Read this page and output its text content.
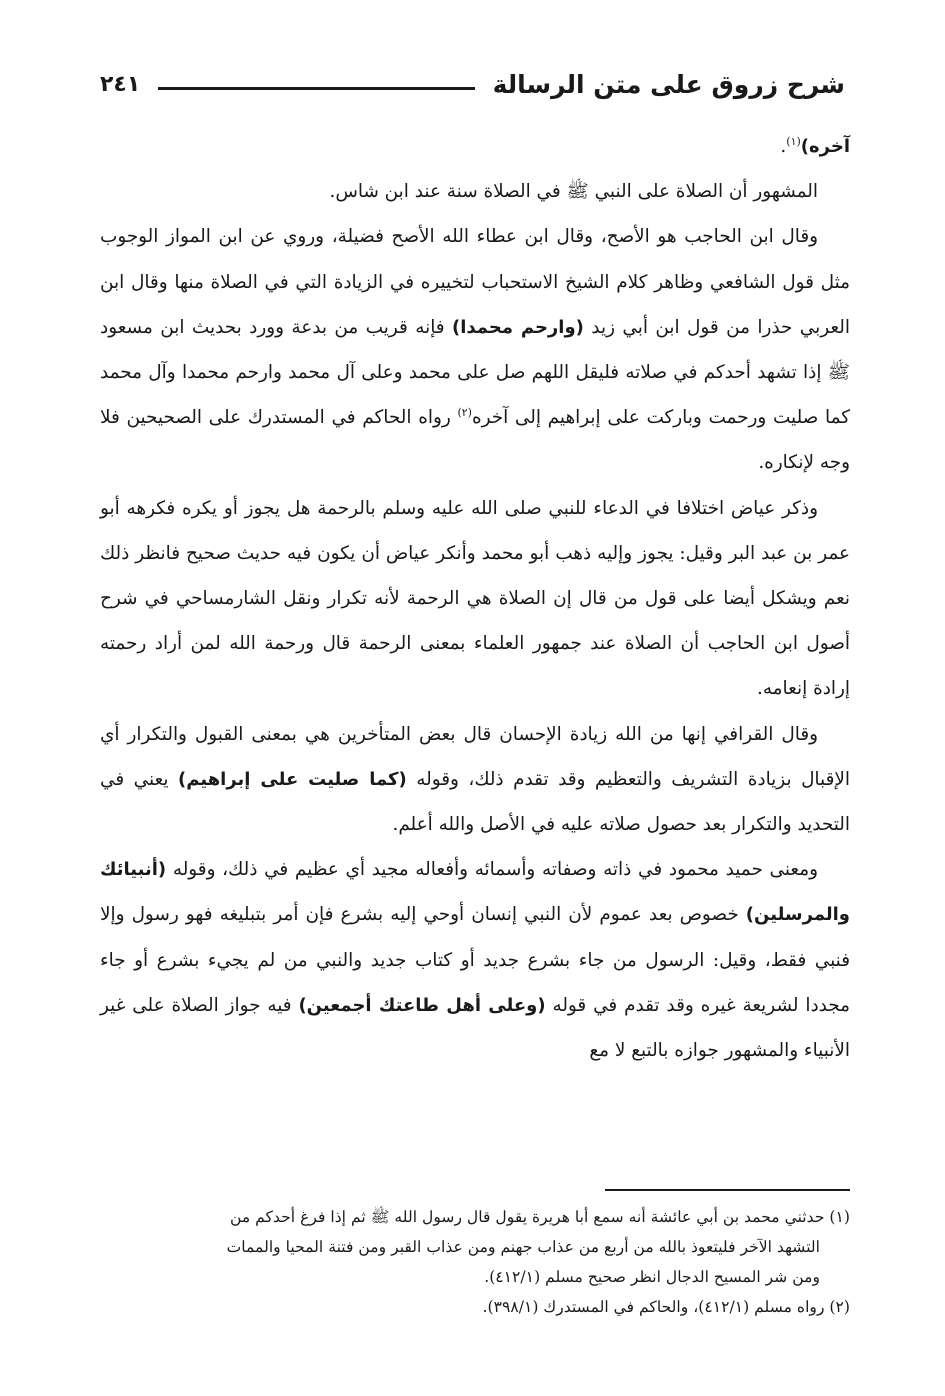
شرح زروق على متن الرسالة
٢٤١

آخره)$^{(١)}$.

المشهور أن الصلاة على النبي ﷺ في الصلاة سنة عند ابن شاس.

وقال ابن الحاجب هو الأصح، وقال ابن عطاء الله الأصح فضيلة، وروي عن ابن المواز الوجوب مثل قول الشافعي وظاهر كلام الشيخ الاستحباب لتخييره في الزيادة التي في الصلاة منها وقال ابن العربي حذرا من قول ابن أبي زيد (وارحم محمدا) فإنه قريب من بدعة وورد بحديث ابن مسعود ﷺ إذا تشهد أحدكم في صلاته فليقل اللهم صل على محمد وعلى آل محمد وارحم محمدا وآل محمد كما صليت ورحمت وباركت على إبراهيم إلى آخره$^{(٢)}$ رواه الحاكم في المستدرك على الصحيحين فلا وجه لإنكاره.

وذكر عياض اختلافا في الدعاء للنبي صلى الله عليه وسلم بالرحمة هل يجوز أو يكره فكرهه أبو عمر بن عبد البر وقيل: يجوز وإليه ذهب أبو محمد وأنكر عياض أن يكون فيه حديث صحيح فانظر ذلك نعم ويشكل أيضا على قول من قال إن الصلاة هي الرحمة لأنه تكرار ونقل الشارمساحي في شرح أصول ابن الحاجب أن الصلاة عند جمهور العلماء بمعنى الرحمة قال ورحمة الله لمن أراد رحمته إرادة إنعامه.

وقال القرافي إنها من الله زيادة الإحسان قال بعض المتأخرين هي بمعنى القبول والتكرار أي الإقبال بزيادة التشريف والتعظيم وقد تقدم ذلك، وقوله (كما صليت على إبراهيم) يعني في التحديد والتكرار بعد حصول صلاته عليه في الأصل والله أعلم.

ومعنى حميد محمود في ذاته وصفاته وأسمائه وأفعاله مجيد أي عظيم في ذلك، وقوله (أنبيائك والمرسلين) خصوص بعد عموم لأن النبي إنسان أوحي إليه بشرع فإن أمر بتبليغه فهو رسول وإلا فنبي فقط، وقيل: الرسول من جاء بشرع جديد أو كتاب جديد والنبي من لم يجيء بشرع أو جاء مجددا لشريعة غيره وقد تقدم في قوله (وعلى أهل طاعتك أجمعين) فيه جواز الصلاة على غير الأنبياء والمشهور جوازه بالتبع لا مع

(١) حدثني محمد بن أبي عائشة أنه سمع أبا هريرة يقول قال رسول الله ﷺ ثم إذا فرغ أحدكم من

التشهد الآخر فليتعوذ بالله من أربع من عذاب جهنم ومن عذاب القبر ومن فتنة المحيا والممات

ومن شر المسيح الدجال انظر صحيح مسلم (٤١٢/١).

(٢) رواه مسلم (٤١٢/١)، والحاكم في المستدرك (٣٩٨/١).
